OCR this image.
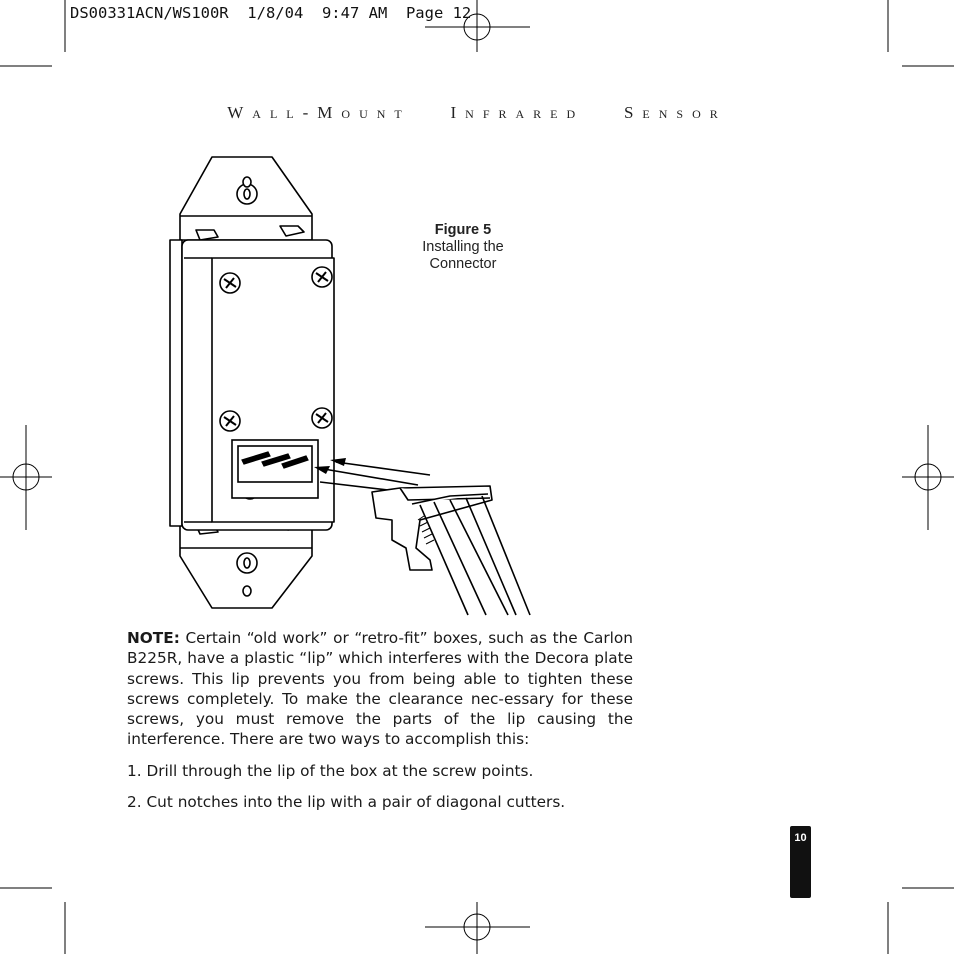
DS00331ACN/WS100R  1/8/04  9:47 AM  Page 12
WALL-MOUNT INFRARED SENSOR
Figure 5
Installing the
Connector

NOTE: Certain “old work” or “retro-fit” boxes, such as the Carlon B225R, have a plastic “lip” which interferes with the Decora plate screws. This lip prevents you from being able to tighten these screws completely. To make the clearance nec-essary for these screws, you must remove the parts of the lip causing the interference. There are two ways to accomplish this:

1. Drill through the lip of the box at the screw points.

2. Cut notches into the lip with a pair of diagonal cutters.

10
